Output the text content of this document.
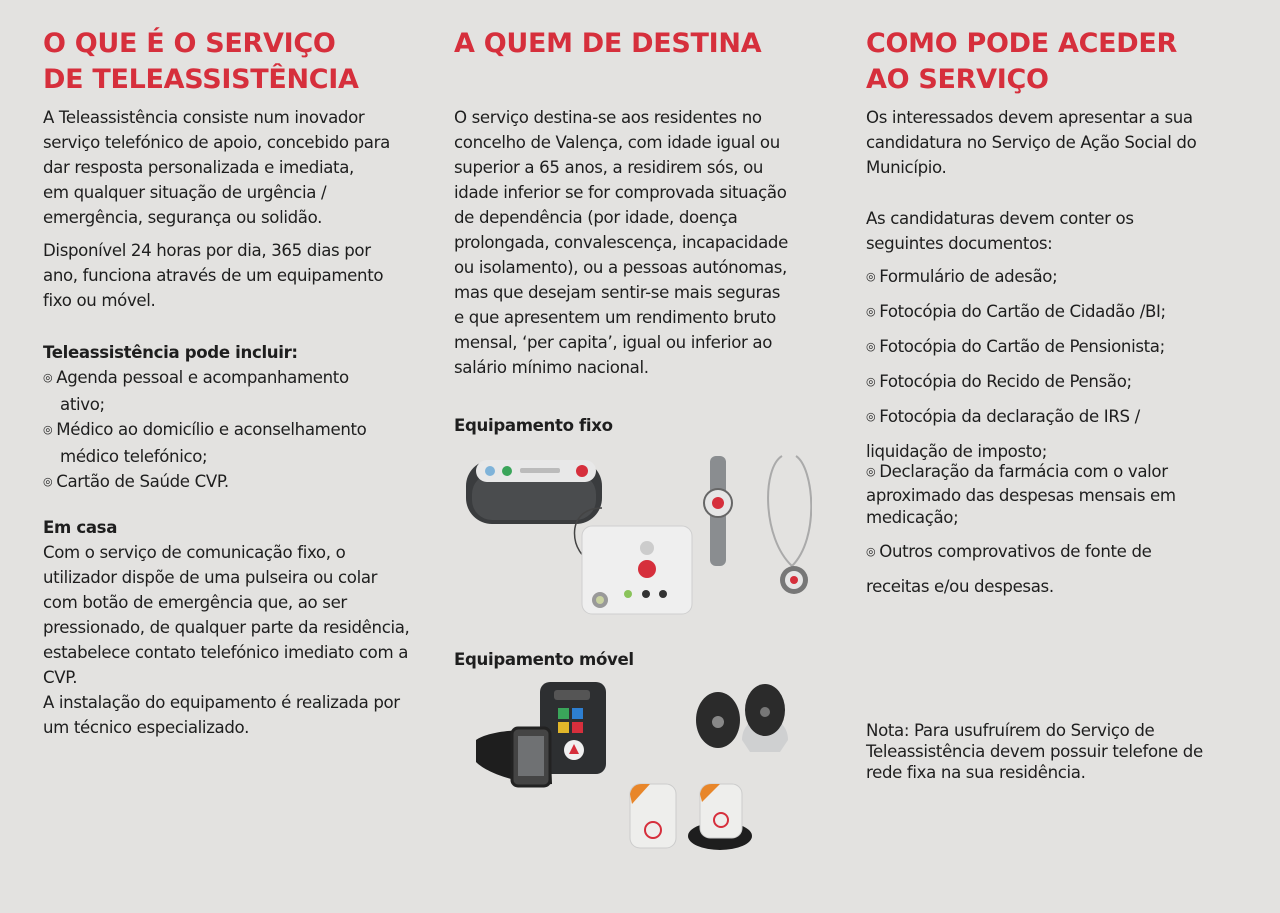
O QUE É O SERVIÇO
DE TELEASSISTÊNCIA

A Teleassistência consiste num inovador

serviço telefónico de apoio, concebido para

dar resposta personalizada e imediata,

em qualquer situação de urgência /

emergência, segurança ou solidão.

Disponível 24 horas por dia, 365 dias por

ano, funciona através de um equipamento

fixo ou móvel.

Teleassistência pode incluir:

◎ Agenda pessoal e acompanhamento

ativo;

◎ Médico ao domicílio e aconselhamento

médico telefónico;

◎ Cartão de Saúde CVP.

Em casa

Com o serviço de comunicação fixo, o

utilizador dispõe de uma pulseira ou colar

com botão de emergência que, ao ser

pressionado, de qualquer parte da residência,

estabelece contato telefónico imediato com a

CVP.

A instalação do equipamento é realizada por

um técnico especializado.

A QUEM DE DESTINA

O serviço destina-se aos residentes no

concelho de Valença, com idade igual ou

superior a 65 anos, a residirem sós, ou

idade inferior se for comprovada situação

de dependência (por idade, doença

prolongada, convalescença, incapacidade

ou isolamento), ou a pessoas autónomas,

mas que desejam sentir-se mais seguras

e que apresentem um rendimento bruto

mensal, ‘per capita’, igual ou inferior ao

salário mínimo nacional.

Equipamento fixo

Equipamento móvel

COMO PODE ACEDER
AO SERVIÇO

Os interessados devem apresentar a sua

candidatura no Serviço de Ação Social do

Município.

As candidaturas devem conter os

seguintes documentos:

◎ Formulário de adesão;

◎ Fotocópia do Cartão de Cidadão /BI;

◎ Fotocópia do Cartão de Pensionista;

◎ Fotocópia do Recido de Pensão;

◎ Fotocópia da declaração de IRS /

liquidação de imposto;

◎ Declaração da farmácia com o valor

aproximado das despesas mensais em

medicação;

◎ Outros comprovativos de fonte de

receitas e/ou despesas.

Nota: Para usufruírem do Serviço de

Teleassistência devem possuir telefone de

rede fixa na sua residência.
